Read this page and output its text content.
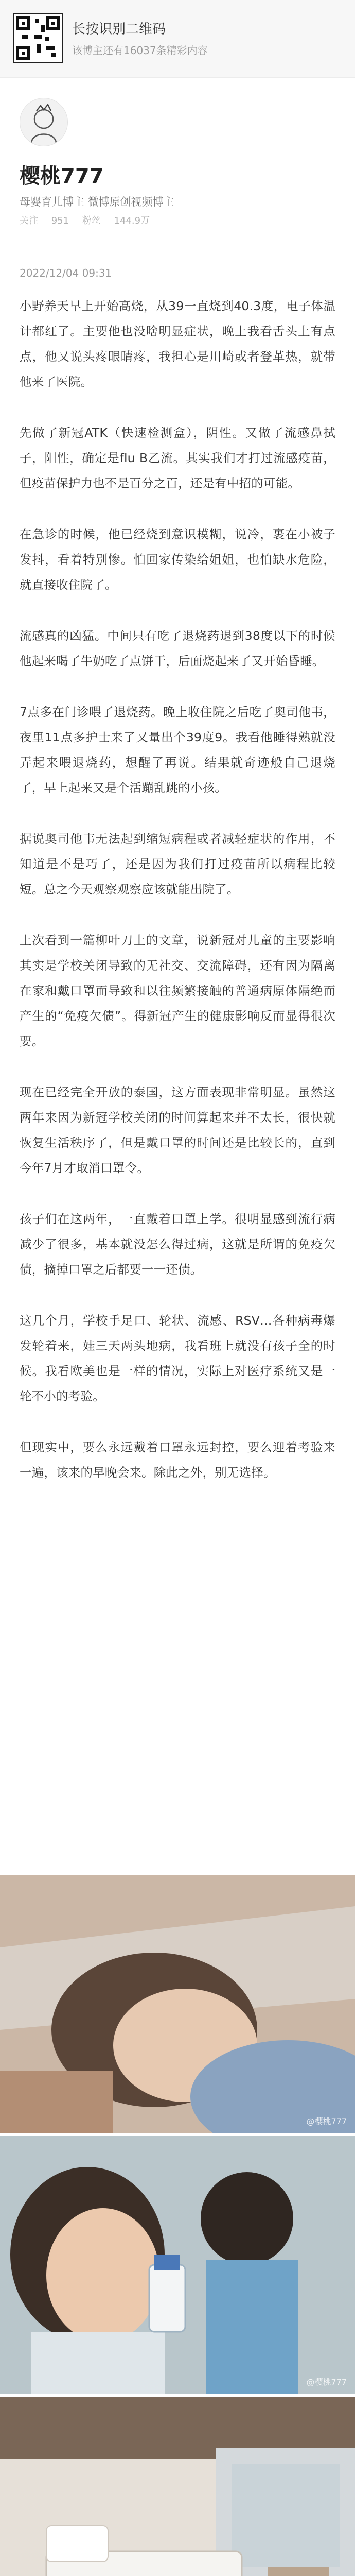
长按识别二维码
该博主还有16037条精彩内容
樱桃777
母婴育儿博主 微博原创视频博主
关注 951 粉丝 144.9万
2022/12/04 09:31

小野养天早上开始高烧，从39一直烧到40.3度，电子体温计都红了。主要他也没啥明显症状，晚上我看舌头上有点点，他又说头疼眼睛疼，我担心是川崎或者登革热，就带他来了医院。

先做了新冠ATK（快速检测盒），阴性。又做了流感鼻拭子，阳性，确定是flu B乙流。其实我们才打过流感疫苗，但疫苗保护力也不是百分之百，还是有中招的可能。

在急诊的时候，他已经烧到意识模糊，说冷，裹在小被子发抖，看着特别惨。怕回家传染给姐姐，也怕缺水危险，就直接收住院了。

流感真的凶猛。中间只有吃了退烧药退到38度以下的时候他起来喝了牛奶吃了点饼干，后面烧起来了又开始昏睡。

7点多在门诊喂了退烧药。晚上收住院之后吃了奥司他韦，夜里11点多护士来了又量出个39度9。我看他睡得熟就没弄起来喂退烧药，想醒了再说。结果就奇迹般自己退烧了，早上起来又是个活蹦乱跳的小孩。

据说奥司他韦无法起到缩短病程或者减轻症状的作用，不知道是不是巧了，还是因为我们打过疫苗所以病程比较短。总之今天观察观察应该就能出院了。

上次看到一篇柳叶刀上的文章，说新冠对儿童的主要影响其实是学校关闭导致的无社交、交流障碍，还有因为隔离在家和戴口罩而导致和以往频繁接触的普通病原体隔绝而产生的“免疫欠债”。得新冠产生的健康影响反而显得很次要。

现在已经完全开放的泰国，这方面表现非常明显。虽然这两年来因为新冠学校关闭的时间算起来并不太长，很快就恢复生活秩序了，但是戴口罩的时间还是比较长的，直到今年7月才取消口罩令。

孩子们在这两年，一直戴着口罩上学。很明显感到流行病减少了很多，基本就没怎么得过病，这就是所谓的免疫欠债，摘掉口罩之后都要一一还债。

这几个月，学校手足口、轮状、流感、RSV…各种病毒爆发轮着来，娃三天两头地病，我看班上就没有孩子全的时候。我看欧美也是一样的情况，实际上对医疗系统又是一轮不小的考验。

但现实中，要么永远戴着口罩永远封控，要么迎着考验来一遍，该来的早晚会来。除此之外，别无选择。

@樱桃777
@樱桃777
